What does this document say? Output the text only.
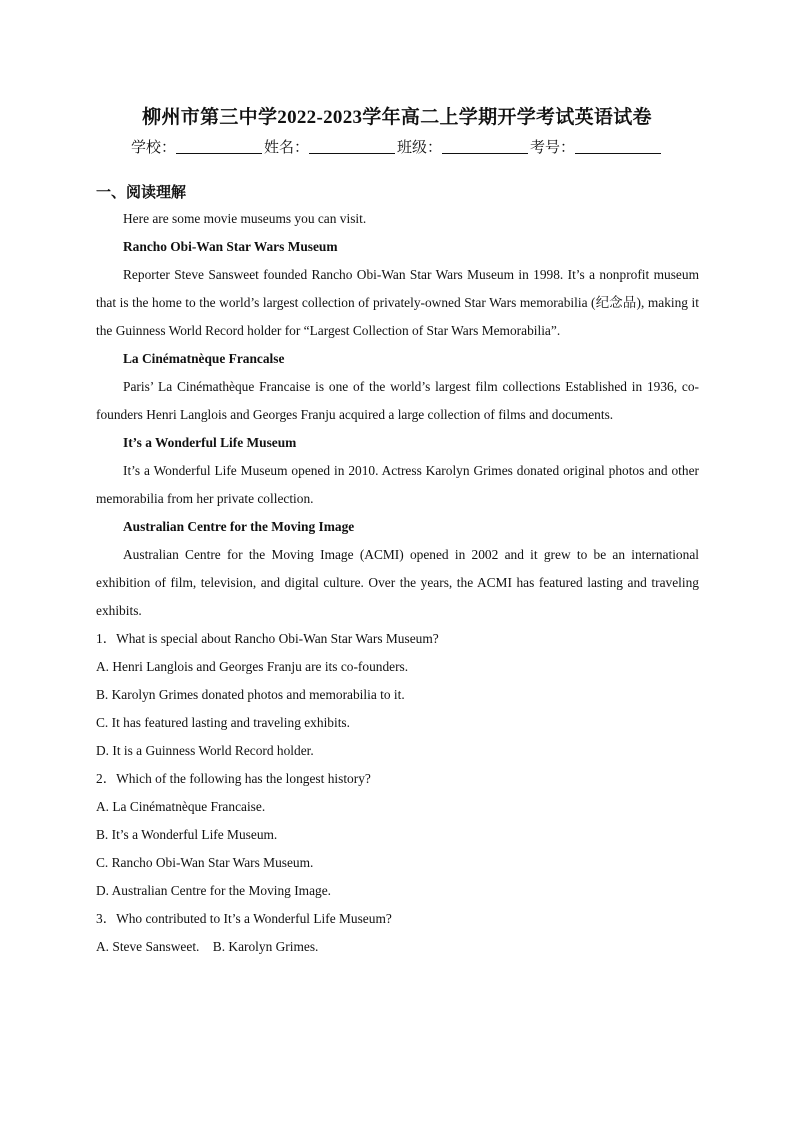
柳州市第三中学2022-2023学年高二上学期开学考试英语试卷
学校：	姓名：	班级：	考号：
一、阅读理解

Here are some movie museums you can visit.

Rancho Obi-Wan Star Wars Museum

Reporter Steve Sansweet founded Rancho Obi-Wan Star Wars Museum in 1998. It’s a nonprofit museum that is the home to the world’s largest collection of privately-owned Star Wars memorabilia (纪念品), making it the Guinness World Record holder for “Largest Collection of Star Wars Memorabilia”.

La Cinématnèque Francalse

Paris’ La Cinémathèque Francaise is one of the world’s largest film collections Established in 1936, co-founders Henri Langlois and Georges Franju acquired a large collection of films and documents.

It’s a Wonderful Life Museum

It’s a Wonderful Life Museum opened in 2010. Actress Karolyn Grimes donated original photos and other memorabilia from her private collection.

Australian Centre for the Moving Image

Australian Centre for the Moving Image (ACMI) opened in 2002 and it grew to be an international exhibition of film, television, and digital culture. Over the years, the ACMI has featured lasting and traveling exhibits.

1．What is special about Rancho Obi-Wan Star Wars Museum?

A. Henri Langlois and Georges Franju are its co-founders.

B. Karolyn Grimes donated photos and memorabilia to it.

C. It has featured lasting and traveling exhibits.

D. It is a Guinness World Record holder.

2．Which of the following has the longest history?

A. La Cinématnèque Francaise.

B. It’s a Wonderful Life Museum.

C. Rancho Obi-Wan Star Wars Museum.

D. Australian Centre for the Moving Image.

3．Who contributed to It’s a Wonderful Life Museum?

A. Steve Sansweet.　B. Karolyn Grimes.
